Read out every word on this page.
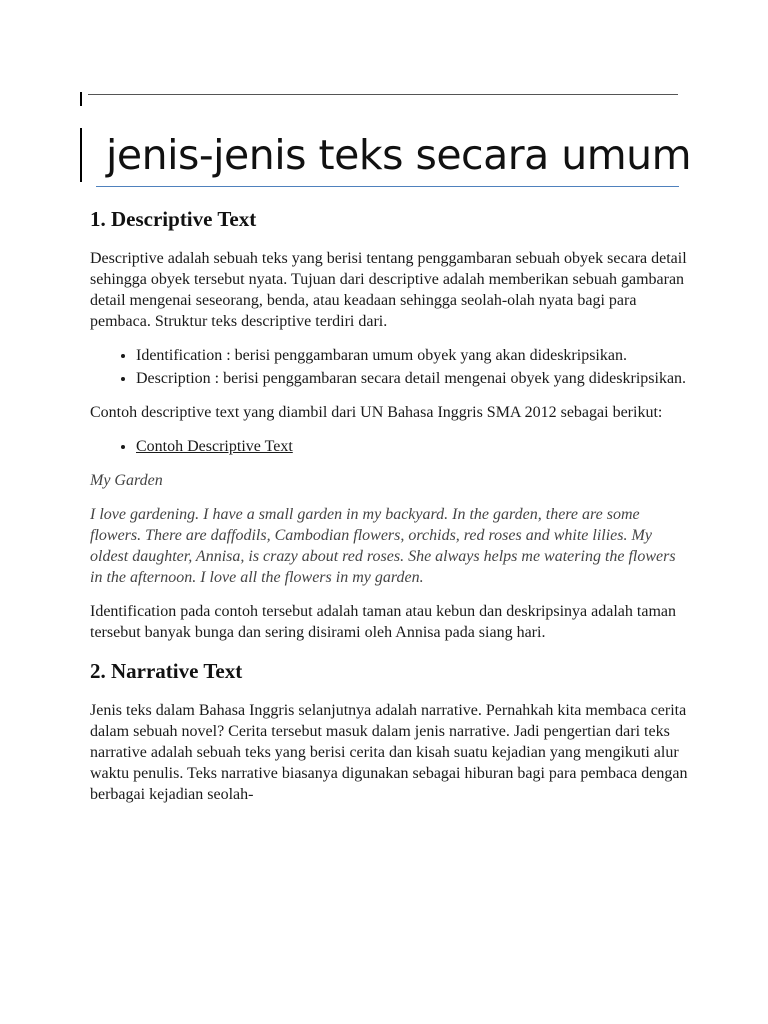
jenis-jenis teks secara umum
1. Descriptive Text

Descriptive adalah sebuah teks yang berisi tentang penggambaran sebuah obyek secara detail sehingga obyek tersebut nyata. Tujuan dari descriptive adalah memberikan sebuah gambaran detail mengenai seseorang, benda, atau keadaan sehingga seolah-olah nyata bagi para pembaca. Struktur teks descriptive terdiri dari.

• Identification : berisi penggambaran umum obyek yang akan dideskripsikan.
• Description : berisi penggambaran secara detail mengenai obyek yang dideskripsikan.

Contoh descriptive text yang diambil dari UN Bahasa Inggris SMA 2012 sebagai berikut:

• Contoh Descriptive Text

My Garden

I love gardening. I have a small garden in my backyard. In the garden, there are some flowers. There are daffodils, Cambodian flowers, orchids, red roses and white lilies. My oldest daughter, Annisa, is crazy about red roses. She always helps me watering the flowers in the afternoon. I love all the flowers in my garden.

Identification pada contoh tersebut adalah taman atau kebun dan deskripsinya adalah taman tersebut banyak bunga dan sering disirami oleh Annisa pada siang hari.

2. Narrative Text

Jenis teks dalam Bahasa Inggris selanjutnya adalah narrative. Pernahkah kita membaca cerita dalam sebuah novel? Cerita tersebut masuk dalam jenis narrative. Jadi pengertian dari teks narrative adalah sebuah teks yang berisi cerita dan kisah suatu kejadian yang mengikuti alur waktu penulis. Teks narrative biasanya digunakan sebagai hiburan bagi para pembaca dengan berbagai kejadian seolah-
